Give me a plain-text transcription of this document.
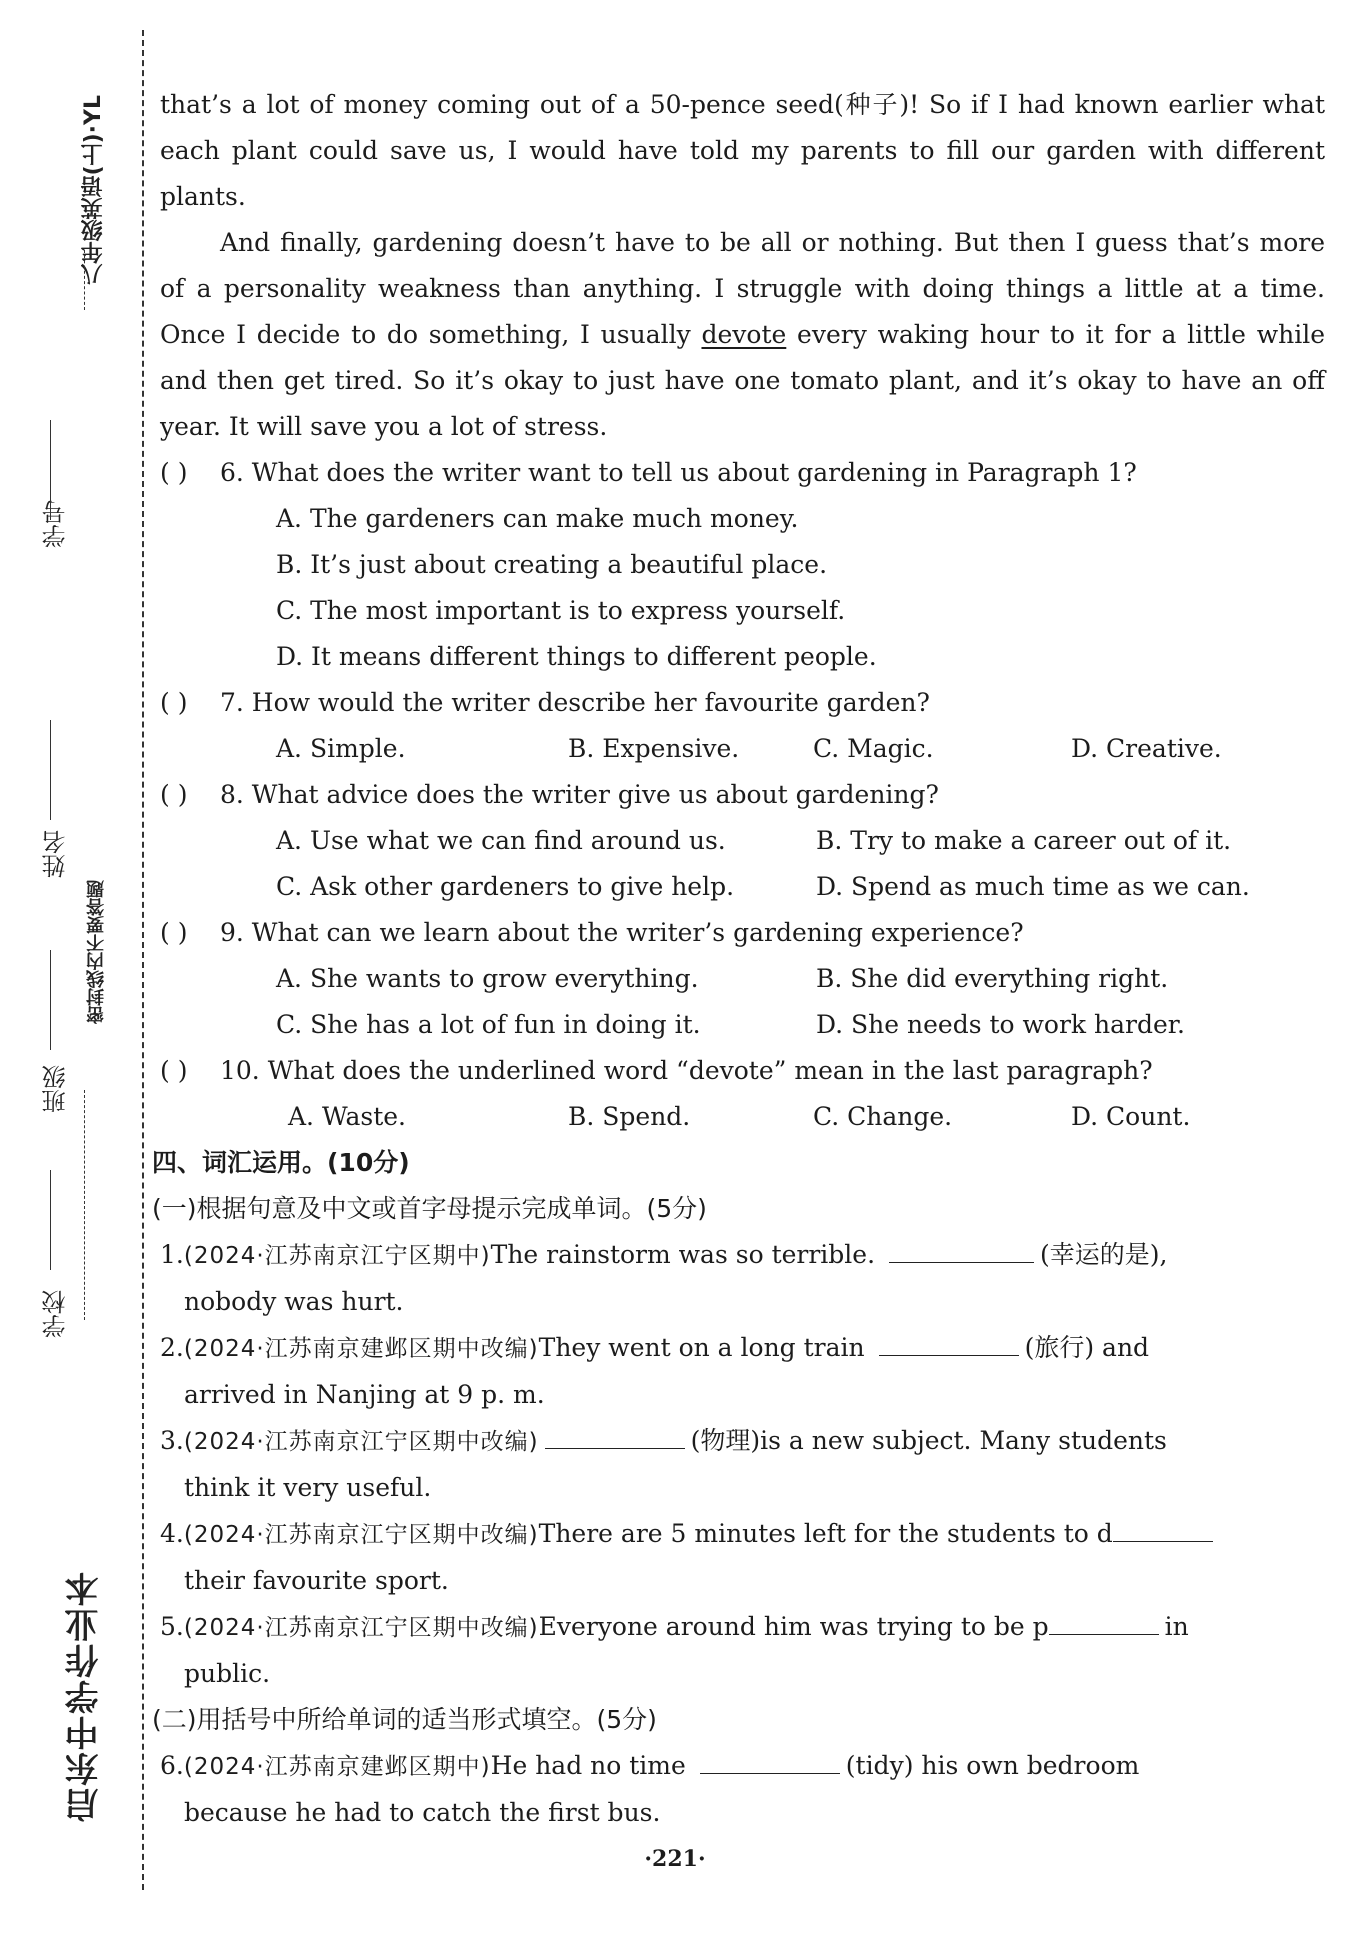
八年级英语(上)·YL
学号
姓名
密封线内不要答题
班级
学校
启东中学作业本

that’s a lot of money coming out of a 50-pence seed(种子)! So if I had known earlier what each plant could save us, I would have told my parents to fill our garden with different plants.

And finally, gardening doesn’t have to be all or nothing. But then I guess that’s more of a personality weakness than anything. I struggle with doing things a little at a time. Once I decide to do something, I usually devote every waking hour to it for a little while and then get tired. So it’s okay to just have one tomato plant, and it’s okay to have an off year. It will save you a lot of stress.

( )	6. What does the writer want to tell us about gardening in Paragraph 1?
A. The gardeners can make much money.
B. It’s just about creating a beautiful place.
C. The most important is to express yourself.
D. It means different things to different people.
( )	7. How would the writer describe her favourite garden?
A. Simple.	B. Expensive.	C. Magic.	D. Creative.
( )	8. What advice does the writer give us about gardening?
A. Use what we can find around us.	B. Try to make a career out of it.
C. Ask other gardeners to give help.	D. Spend as much time as we can.
( )	9. What can we learn about the writer’s gardening experience?
A. She wants to grow everything.	B. She did everything right.
C. She has a lot of fun in doing it.	D. She needs to work harder.
( )	10. What does the underlined word “devote” mean in the last paragraph?
A. Waste.	B. Spend.	C. Change.	D. Count.

四、词汇运用。(10分)

(一)根据句意及中文或首字母提示完成单词。(5分)

1.(2024·江苏南京江宁区期中)The rainstorm was so terrible.	(幸运的是),
nobody was hurt.
2.(2024·江苏南京建邺区期中改编)They went on a long train	(旅行) and
arrived in Nanjing at 9 p. m.
3.(2024·江苏南京江宁区期中改编)	(物理)is a new subject. Many students
think it very useful.
4.(2024·江苏南京江宁区期中改编)There are 5 minutes left for the students to d
their favourite sport.
5.(2024·江苏南京江宁区期中改编)Everyone around him was trying to be p	in
public.

(二)用括号中所给单词的适当形式填空。(5分)

6.(2024·江苏南京建邺区期中)He had no time	(tidy) his own bedroom
because he had to catch the first bus.
·221·
